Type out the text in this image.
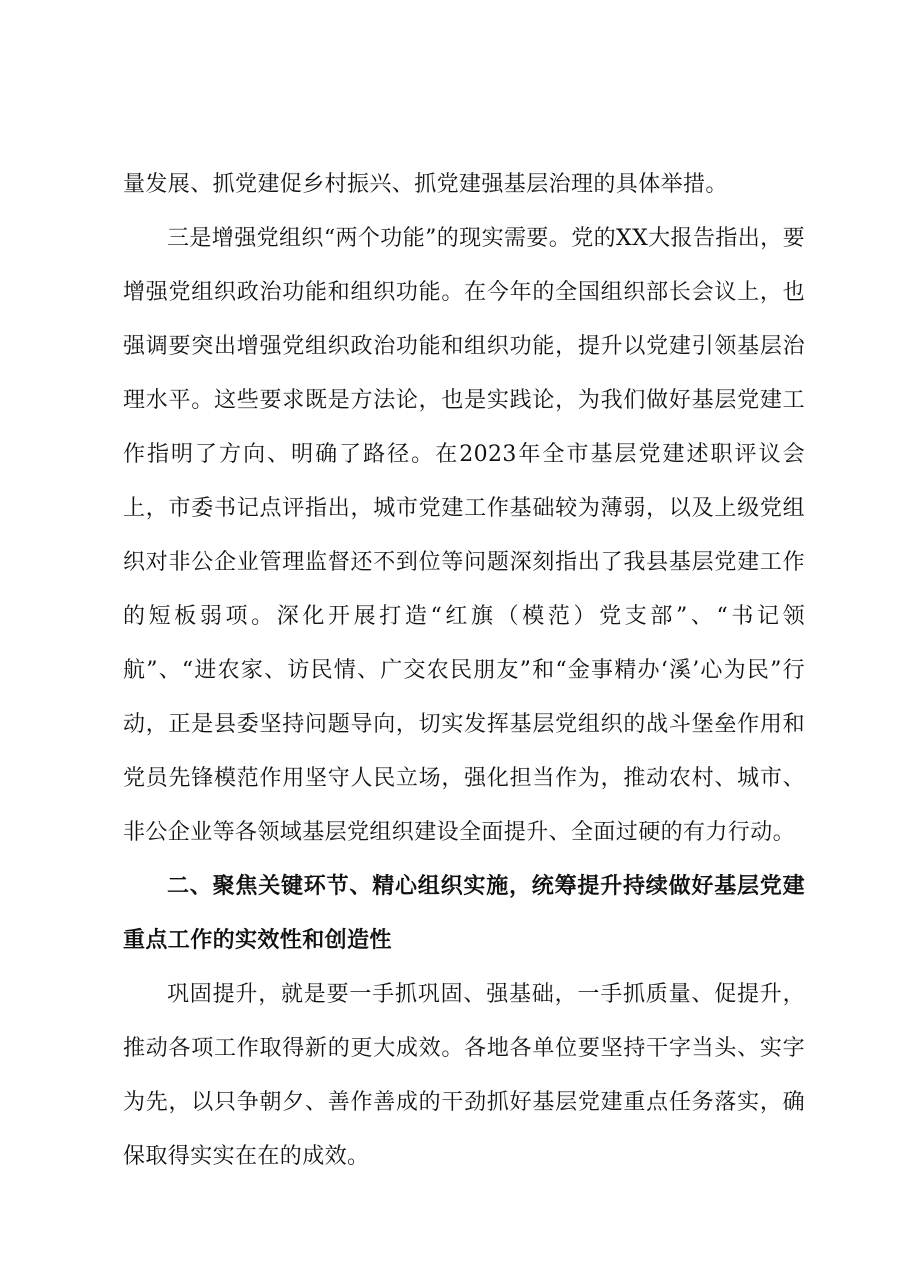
量发展、抓党建促乡村振兴、抓党建强基层治理的具体举措。

三是增强党组织“两个功能”的现实需要。党的XX大报告指出，要增强党组织政治功能和组织功能。在今年的全国组织部长会议上，也强调要突出增强党组织政治功能和组织功能，提升以党建引领基层治理水平。这些要求既是方法论，也是实践论，为我们做好基层党建工作指明了方向、明确了路径。在2023年全市基层党建述职评议会上，市委书记点评指出，城市党建工作基础较为薄弱，以及上级党组织对非公企业管理监督还不到位等问题深刻指出了我县基层党建工作的短板弱项。深化开展打造“红旗（模范）党支部”、“书记领航”、“进农家、访民情、广交农民朋友”和“金事精办‘溪’心为民”行动，正是县委坚持问题导向，切实发挥基层党组织的战斗堡垒作用和党员先锋模范作用坚守人民立场，强化担当作为，推动农村、城市、非公企业等各领域基层党组织建设全面提升、全面过硬的有力行动。

二、聚焦关键环节、精心组织实施，统筹提升持续做好基层党建重点工作的实效性和创造性

巩固提升，就是要一手抓巩固、强基础，一手抓质量、促提升，推动各项工作取得新的更大成效。各地各单位要坚持干字当头、实字为先，以只争朝夕、善作善成的干劲抓好基层党建重点任务落实，确保取得实实在在的成效。
